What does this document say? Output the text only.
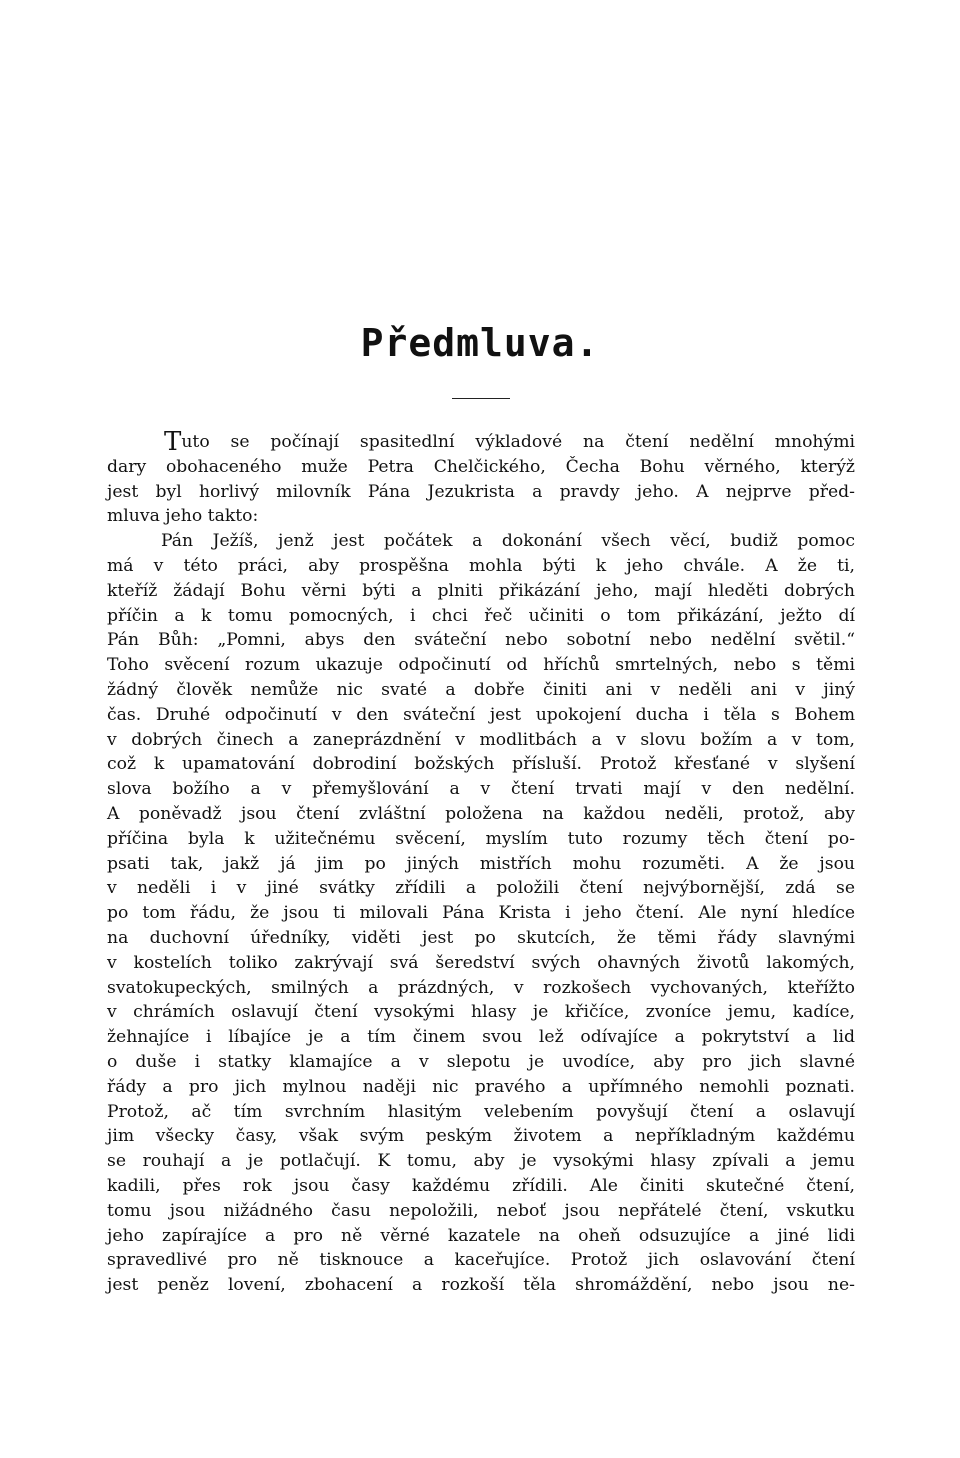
Předmluva.
Tuto se počínají spasitedlní výkladové na čtení nedělní mnohými
dary obohaceného muže Petra Chelčického, Čecha Bohu věrného, kterýž
jest byl horlivý milovník Pána Jezukrista a pravdy jeho. A nejprve před-
mluva jeho takto:
Pán Ježíš, jenž jest počátek a dokonání všech věcí, budiž pomoc
má v této práci, aby prospěšna mohla býti k jeho chvále. A že ti,
kteříž žádají Bohu věrni býti a plniti přikázání jeho, mají hleděti dobrých
příčin a k tomu pomocných, i chci řeč učiniti o tom přikázání, ježto dí
Pán Bůh: „Pomni, abys den sváteční nebo sobotní nebo nedělní světil.“
Toho svěcení rozum ukazuje odpočinutí od hříchů smrtelných, nebo s těmi
žádný člověk nemůže nic svaté a dobře činiti ani v neděli ani v jiný
čas. Druhé odpočinutí v den sváteční jest upokojení ducha i těla s Bohem
v dobrých činech a zaneprázdnění v modlitbách a v slovu božím a v tom,
což k upamatování dobrodiní božských přísluší. Protož křesťané v slyšení
slova božího a v přemyšlování a v čtení trvati mají v den nedělní.
A poněvadž jsou čtení zvláštní položena na každou neděli, protož, aby
příčina byla k užitečnému svěcení, myslím tuto rozumy těch čtení po-
psati tak, jakž já jim po jiných mistřích mohu rozuměti. A že jsou
v neděli i v jiné svátky zřídili a položili čtení nejvýbornější, zdá se
po tom řádu, že jsou ti milovali Pána Krista i jeho čtení. Ale nyní hledíce
na duchovní úředníky, viděti jest po skutcích, že těmi řády slavnými
v kostelích toliko zakrývají svá šeredství svých ohavných životů lakomých,
svatokupeckých, smilných a prázdných, v rozkošech vychovaných, kteřížto
v chrámích oslavují čtení vysokými hlasy je křičíce, zvoníce jemu, kadíce,
žehnajíce i líbajíce je a tím činem svou lež odívajíce a pokrytství a lid
o duše i statky klamajíce a v slepotu je uvodíce, aby pro jich slavné
řády a pro jich mylnou naději nic pravého a upřímného nemohli poznati.
Protož, ač tím svrchním hlasitým velebením povyšují čtení a oslavují
jim všecky časy, však svým peským životem a nepříkladným každému
se rouhají a je potlačují. K tomu, aby je vysokými hlasy zpívali a jemu
kadili, přes rok jsou časy každému zřídili. Ale činiti skutečné čtení,
tomu jsou nižádného času nepoložili, neboť jsou nepřátelé čtení, vskutku
jeho zapírajíce a pro ně věrné kazatele na oheň odsuzujíce a jiné lidi
spravedlivé pro ně tisknouce a kaceřujíce. Protož jich oslavování čtení
jest peněz lovení, zbohacení a rozkoší těla shromáždění, nebo jsou ne-
